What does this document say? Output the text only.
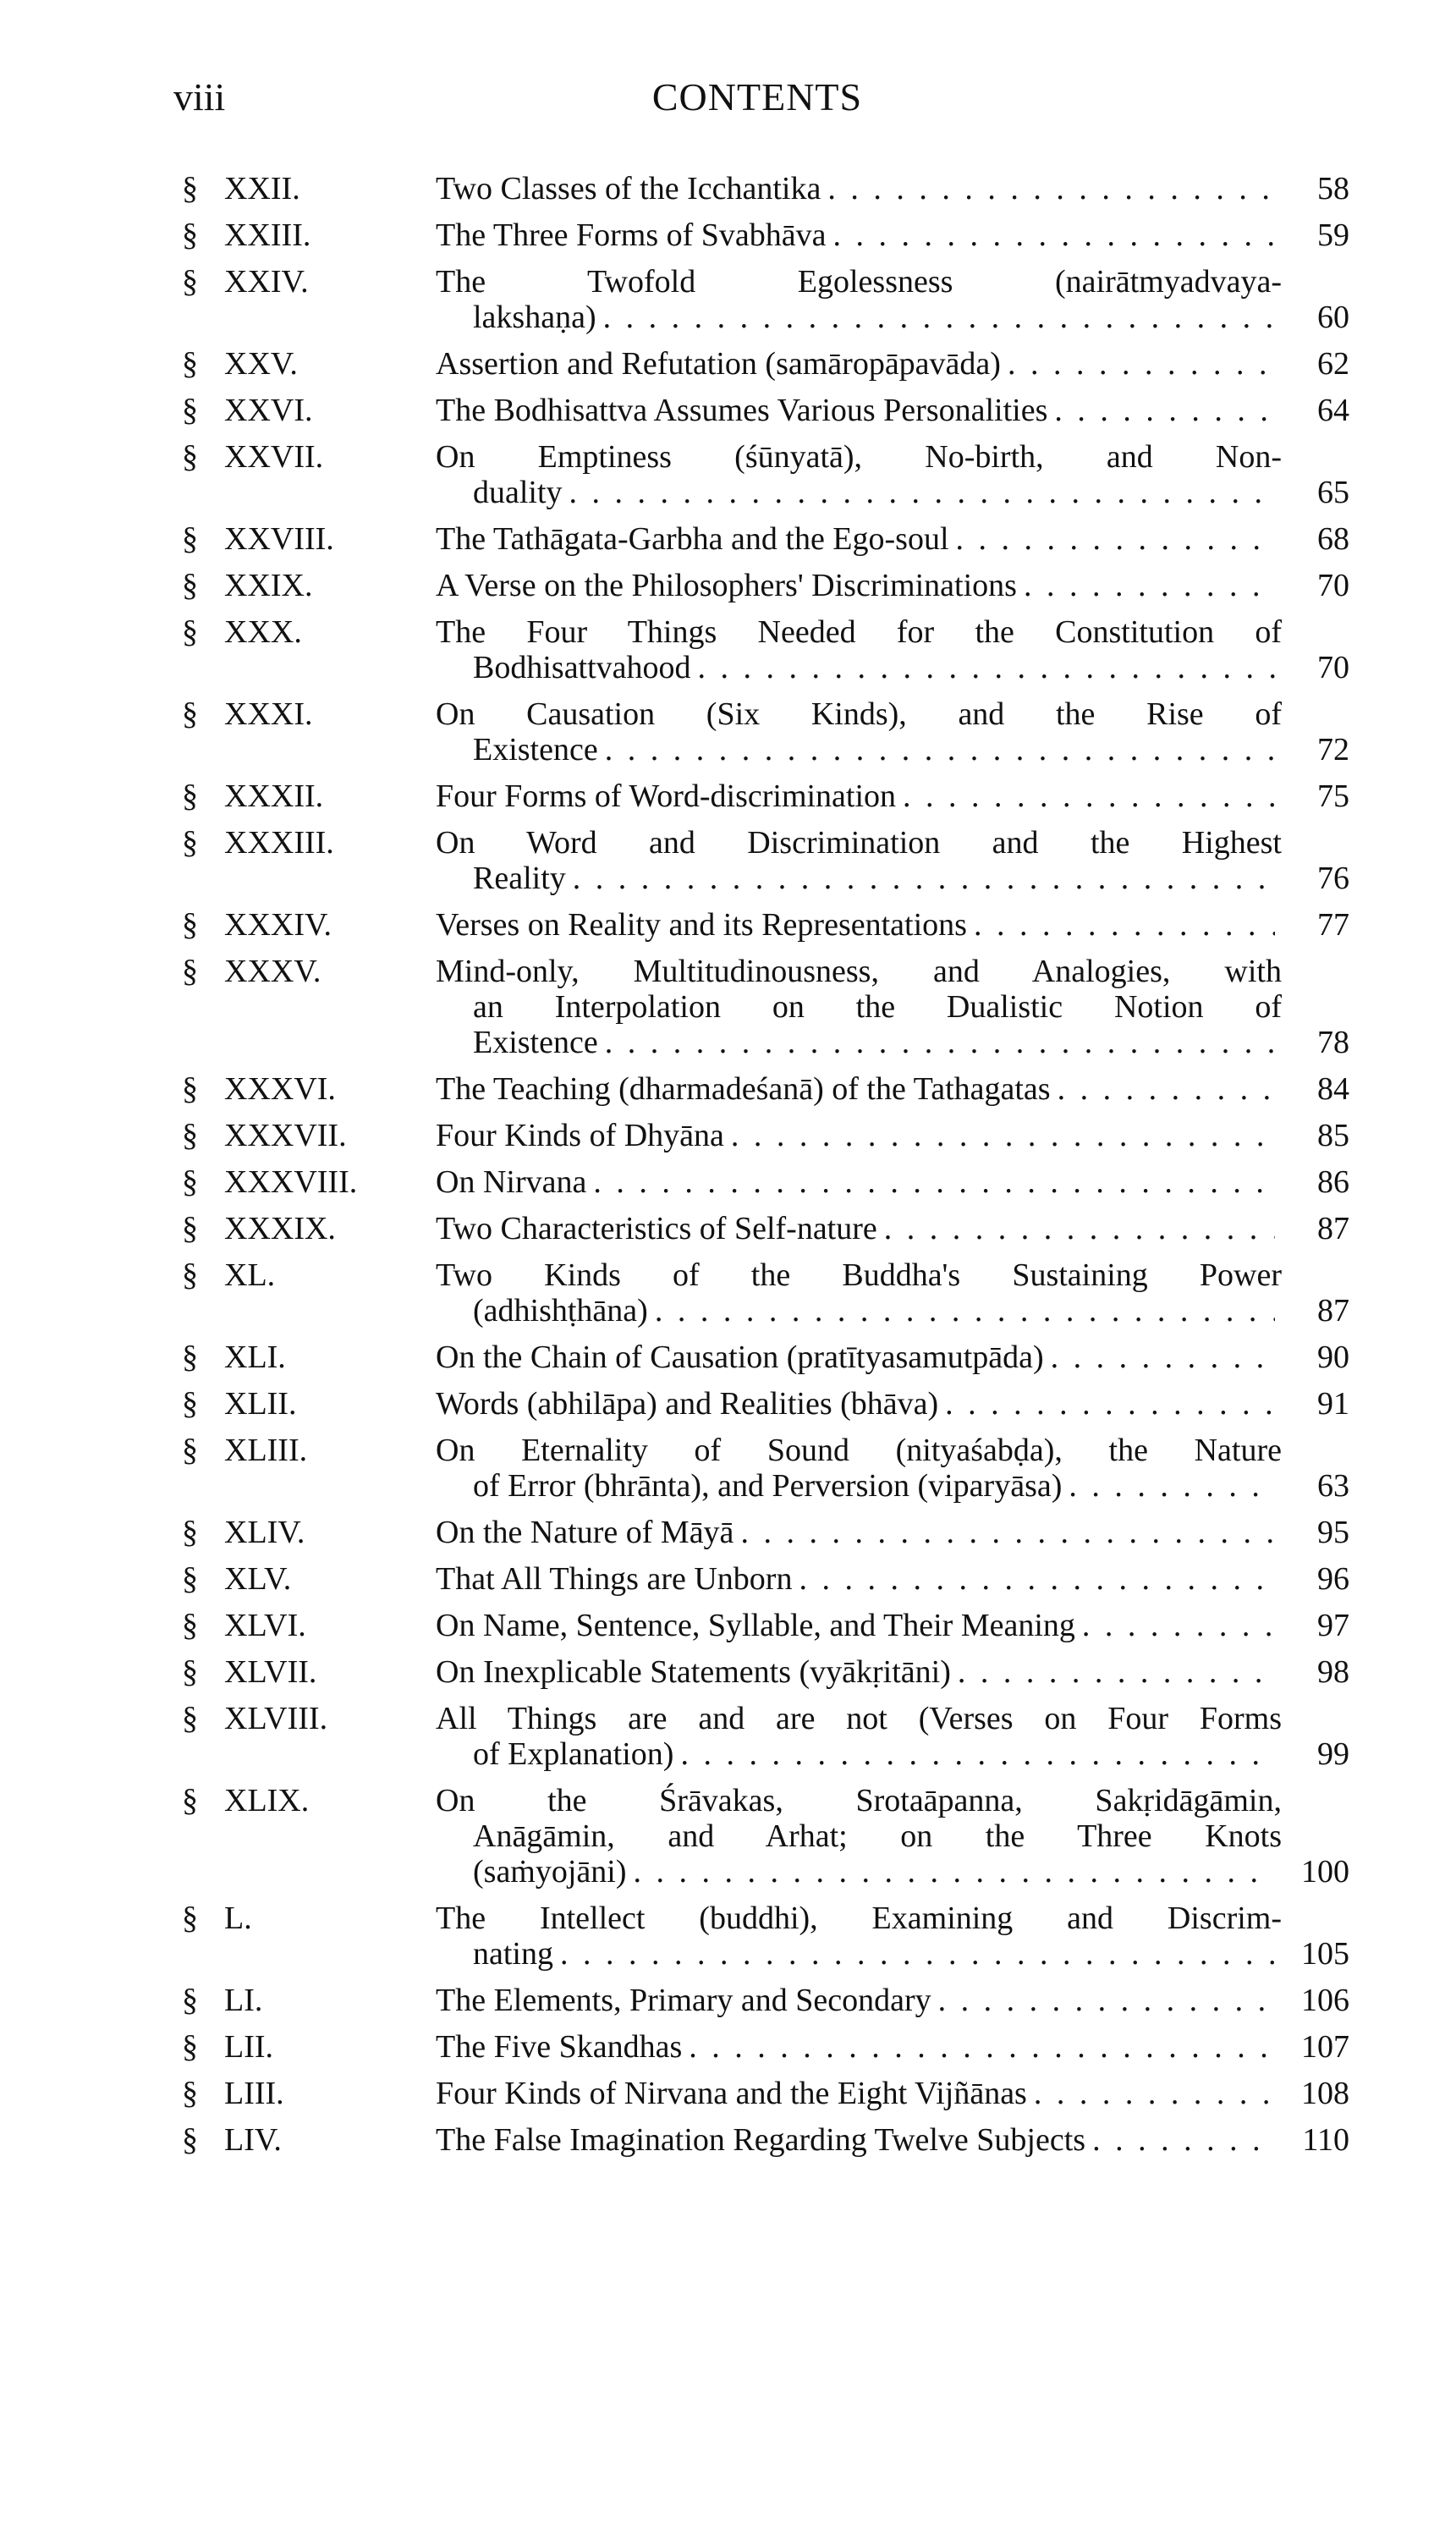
viii	CONTENTS
§ XXII.	Two Classes of the Icchantika . . .	58
§ XXIII.	The Three Forms of Svabhāva . . .	59
§ XXIV.	The Twofold Egolessness (nairātmyadvaya-
lakshaṇa) . . .	60
§ XXV.	Assertion and Refutation (samāropāpavāda) . . .	62
§ XXVI.	The Bodhisattva Assumes Various Personalities . . .	64
§ XXVII.	On Emptiness (śūnyatā), No-birth, and Non-
duality . . .	65
§ XXVIII.	The Tathāgata-Garbha and the Ego-soul . . .	68
§ XXIX.	A Verse on the Philosophers' Discriminations . . .	70
§ XXX.	The Four Things Needed for the Constitution of
Bodhisattvahood . . .	70
§ XXXI.	On Causation (Six Kinds), and the Rise of
Existence . . .	72
§ XXXII.	Four Forms of Word-discrimination . . .	75
§ XXXIII.	On Word and Discrimination and the Highest
Reality . . .	76
§ XXXIV.	Verses on Reality and its Representations . . .	77
§ XXXV.	Mind-only, Multitudinousness, and Analogies, with
an Interpolation on the Dualistic Notion of
Existence . . .	78
§ XXXVI.	The Teaching (dharmadeśanā) of the Tathagatas . . .	84
§ XXXVII.	Four Kinds of Dhyāna . . .	85
§ XXXVIII. On Nirvana . . .	86
§ XXXIX.	Two Characteristics of Self-nature . . .	87
§ XL.	Two Kinds of the Buddha's Sustaining Power
(adhishṭhāna) . . .	87
§ XLI.	On the Chain of Causation (pratītyasamutpāda) . . .	90
§ XLII.	Words (abhilāpa) and Realities (bhāva) . . .	91
§ XLIII.	On Eternality of Sound (nityaśabḍa), the Nature
of Error (bhrānta), and Perversion (viparyāsa) . . .	63
§ XLIV.	On the Nature of Māyā . . .	95
§ XLV.	That All Things are Unborn . . .	96
§ XLVI.	On Name, Sentence, Syllable, and Their Meaning . . .	97
§ XLVII.	On Inexplicable Statements (vyākṛitāni) . . .	98
§ XLVIII.	All Things are and are not (Verses on Four Forms
of Explanation) . . .	99
§ XLIX.	On the Śrāvakas, Srotaāpanna, Sakṛidāgāmin,
Anāgāmin, and Arhat; on the Three Knots
(saṁyojāni) . . .	100
§ L.	The Intellect (buddhi), Examining and Discrim-
nating . . .	105
§ LI.	The Elements, Primary and Secondary . . .	106
§ LII.	The Five Skandhas . . .	107
§ LIII.	Four Kinds of Nirvana and the Eight Vijñānas . . .	108
§ LIV.	The False Imagination Regarding Twelve Subjects . . .	110
